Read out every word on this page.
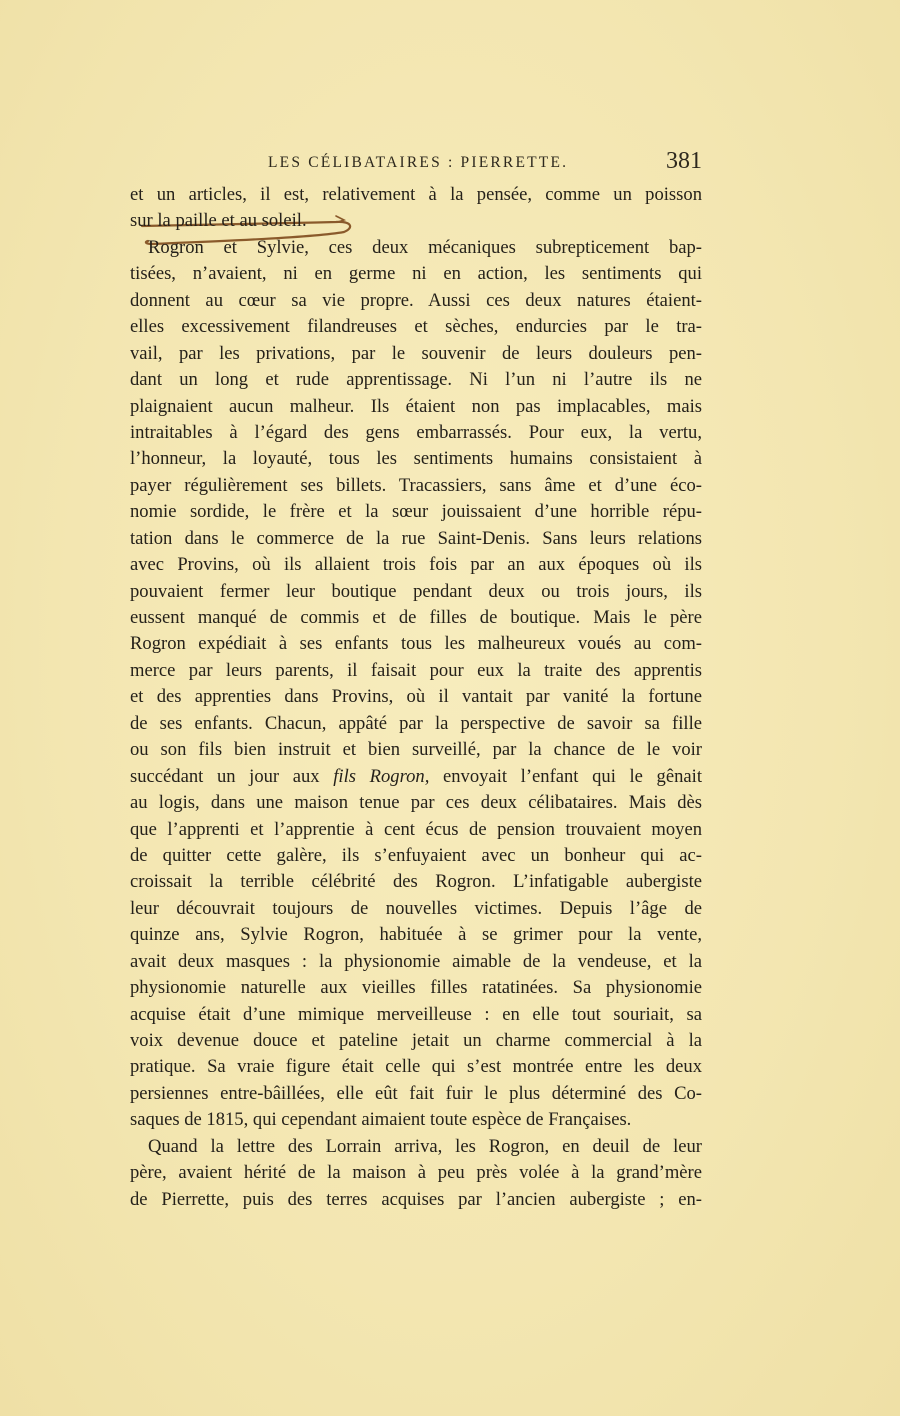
LES CÉLIBATAIRES : PIERRETTE.	381
et un articles, il est, relativement à la pensée, comme un poisson
sur la paille et au soleil.
Rogron et Sylvie, ces deux mécaniques subrepticement bap-
tisées, n’avaient, ni en germe ni en action, les sentiments qui
donnent au cœur sa vie propre. Aussi ces deux natures étaient-
elles excessivement filandreuses et sèches, endurcies par le tra-
vail, par les privations, par le souvenir de leurs douleurs pen-
dant un long et rude apprentissage. Ni l’un ni l’autre ils ne
plaignaient aucun malheur. Ils étaient non pas implacables, mais
intraitables à l’égard des gens embarrassés. Pour eux, la vertu,
l’honneur, la loyauté, tous les sentiments humains consistaient à
payer régulièrement ses billets. Tracassiers, sans âme et d’une éco-
nomie sordide, le frère et la sœur jouissaient d’une horrible répu-
tation dans le commerce de la rue Saint-Denis. Sans leurs relations
avec Provins, où ils allaient trois fois par an aux époques où ils
pouvaient fermer leur boutique pendant deux ou trois jours, ils
eussent manqué de commis et de filles de boutique. Mais le père
Rogron expédiait à ses enfants tous les malheureux voués au com-
merce par leurs parents, il faisait pour eux la traite des apprentis
et des apprenties dans Provins, où il vantait par vanité la fortune
de ses enfants. Chacun, appâté par la perspective de savoir sa fille
ou son fils bien instruit et bien surveillé, par la chance de le voir
succédant un jour aux fils Rogron, envoyait l’enfant qui le gênait
au logis, dans une maison tenue par ces deux célibataires. Mais dès
que l’apprenti et l’apprentie à cent écus de pension trouvaient moyen
de quitter cette galère, ils s’enfuyaient avec un bonheur qui ac-
croissait la terrible célébrité des Rogron. L’infatigable aubergiste
leur découvrait toujours de nouvelles victimes. Depuis l’âge de
quinze ans, Sylvie Rogron, habituée à se grimer pour la vente,
avait deux masques : la physionomie aimable de la vendeuse, et la
physionomie naturelle aux vieilles filles ratatinées. Sa physionomie
acquise était d’une mimique merveilleuse : en elle tout souriait, sa
voix devenue douce et pateline jetait un charme commercial à la
pratique. Sa vraie figure était celle qui s’est montrée entre les deux
persiennes entre-bâillées, elle eût fait fuir le plus déterminé des Co-
saques de 1815, qui cependant aimaient toute espèce de Françaises.
Quand la lettre des Lorrain arriva, les Rogron, en deuil de leur
père, avaient hérité de la maison à peu près volée à la grand’mère
de Pierrette, puis des terres acquises par l’ancien aubergiste ; en-
